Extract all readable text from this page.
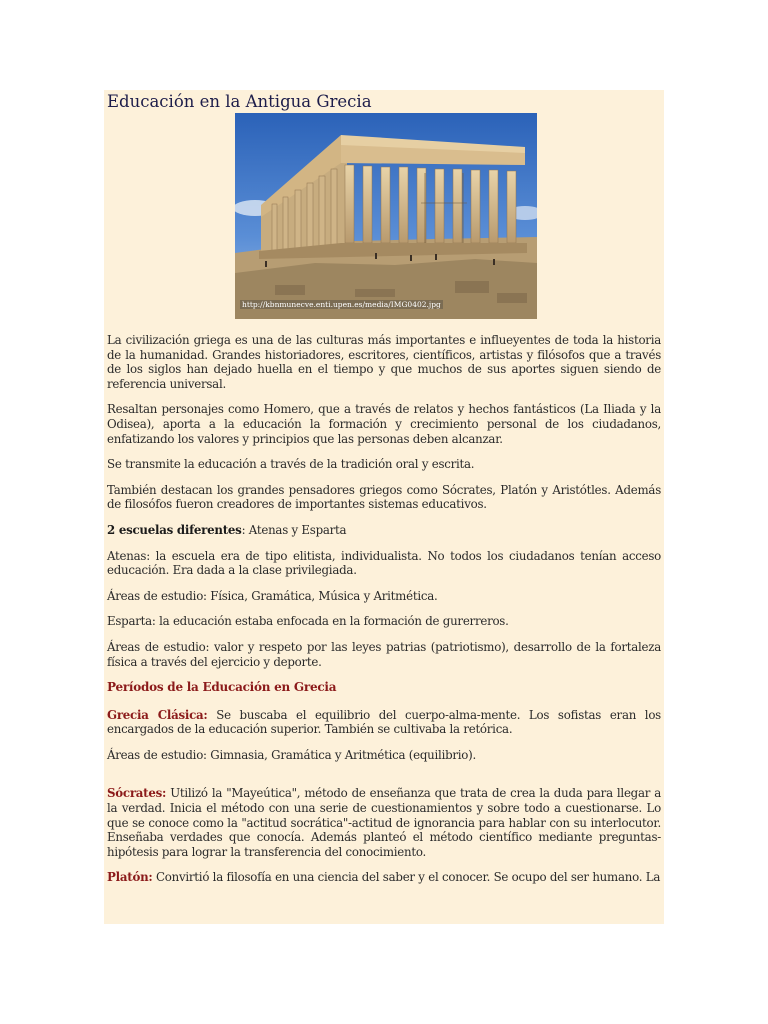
Educación en la Antigua Grecia
http://kbnmunecve.enti.upen.es/media/IMG0402.jpg

La civilización griega es una de las culturas más importantes e influeyentes de toda la historia de la humanidad. Grandes historiadores, escritores, científicos, artistas y filósofos que a través de los siglos han dejado huella en el tiempo y que muchos de sus aportes siguen siendo de referencia universal.

Resaltan personajes como Homero, que a través de relatos y hechos fantásticos (La Iliada y la Odisea), aporta a la educación la formación y crecimiento personal de los ciudadanos, enfatizando los valores y principios que las personas deben alcanzar.

Se transmite la educación a través de la tradición oral y escrita.

También destacan los grandes pensadores griegos como Sócrates, Platón y Aristótles. Además de filosófos fueron creadores de importantes sistemas educativos.

2 escuelas diferentes: Atenas y Esparta

Atenas: la escuela era de tipo elitista, individualista. No todos los ciudadanos tenían acceso educación. Era dada a la clase privilegiada.

Áreas de estudio: Física, Gramática, Música y Aritmética.

Esparta: la educación estaba enfocada en la formación de gurerreros.

Áreas de estudio: valor y respeto por las leyes patrias (patriotismo), desarrollo de la fortaleza física a través del ejercicio y deporte.

Períodos de la Educación en Grecia

Grecia Clásica: Se buscaba el equilibrio del cuerpo-alma-mente. Los sofistas eran los encargados de la educación superior. También se cultivaba la retórica.

Áreas de estudio: Gimnasia, Gramática y Aritmética (equilibrio).

Sócrates: Utilizó la "Mayeútica", método de enseñanza que trata de crea la duda para llegar a la verdad. Inicia el método con una serie de cuestionamientos y sobre todo a cuestionarse. Lo que se conoce como la "actitud socrática"-actitud de ignorancia para hablar con su interlocutor. Enseñaba verdades que conocía. Además planteó el método científico mediante preguntas-hipótesis para lograr la transferencia del conocimiento.

Platón: Convirtió la filosofía en una ciencia del saber y el conocer. Se ocupo del ser humano. La
